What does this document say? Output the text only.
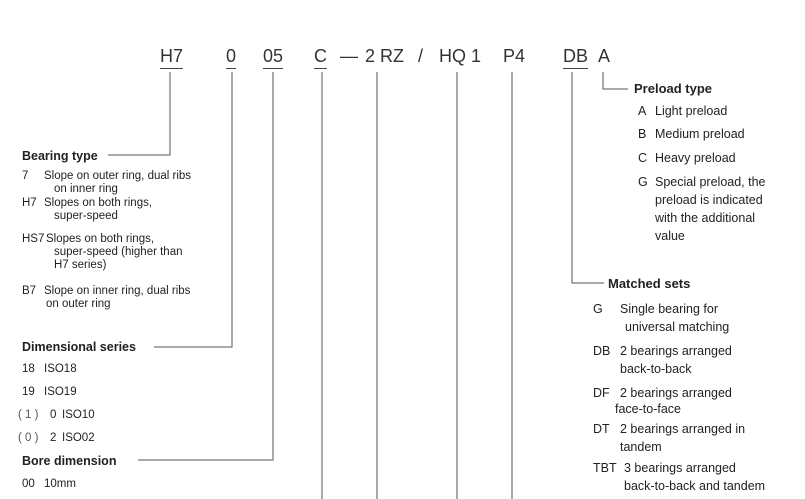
H7 0 05 C — 2 RZ / HQ 1 P4 DB A
Bearing type
7 Slope on outer ring, dual ribs
on inner ring
H7 Slopes on both rings,
super-speed
HS7 Slopes on both rings,
super-speed (higher than
H7 series)
B7 Slope on inner ring, dual ribs
on outer ring
Dimensional series
18 ISO18
19 ISO19
( 1 ) 0 ISO10
( 0 ) 2 ISO02
Bore dimension
00 10mm
Preload type
A Light preload
B Medium preload
C Heavy preload
G Special preload, the
preload is indicated
with the additional
value
Matched sets
G Single bearing for
universal matching
DB 2 bearings arranged
back-to-back
DF 2 bearings arranged
face-to-face
DT 2 bearings arranged in
tandem
TBT 3 bearings arranged
back-to-back and tandem
